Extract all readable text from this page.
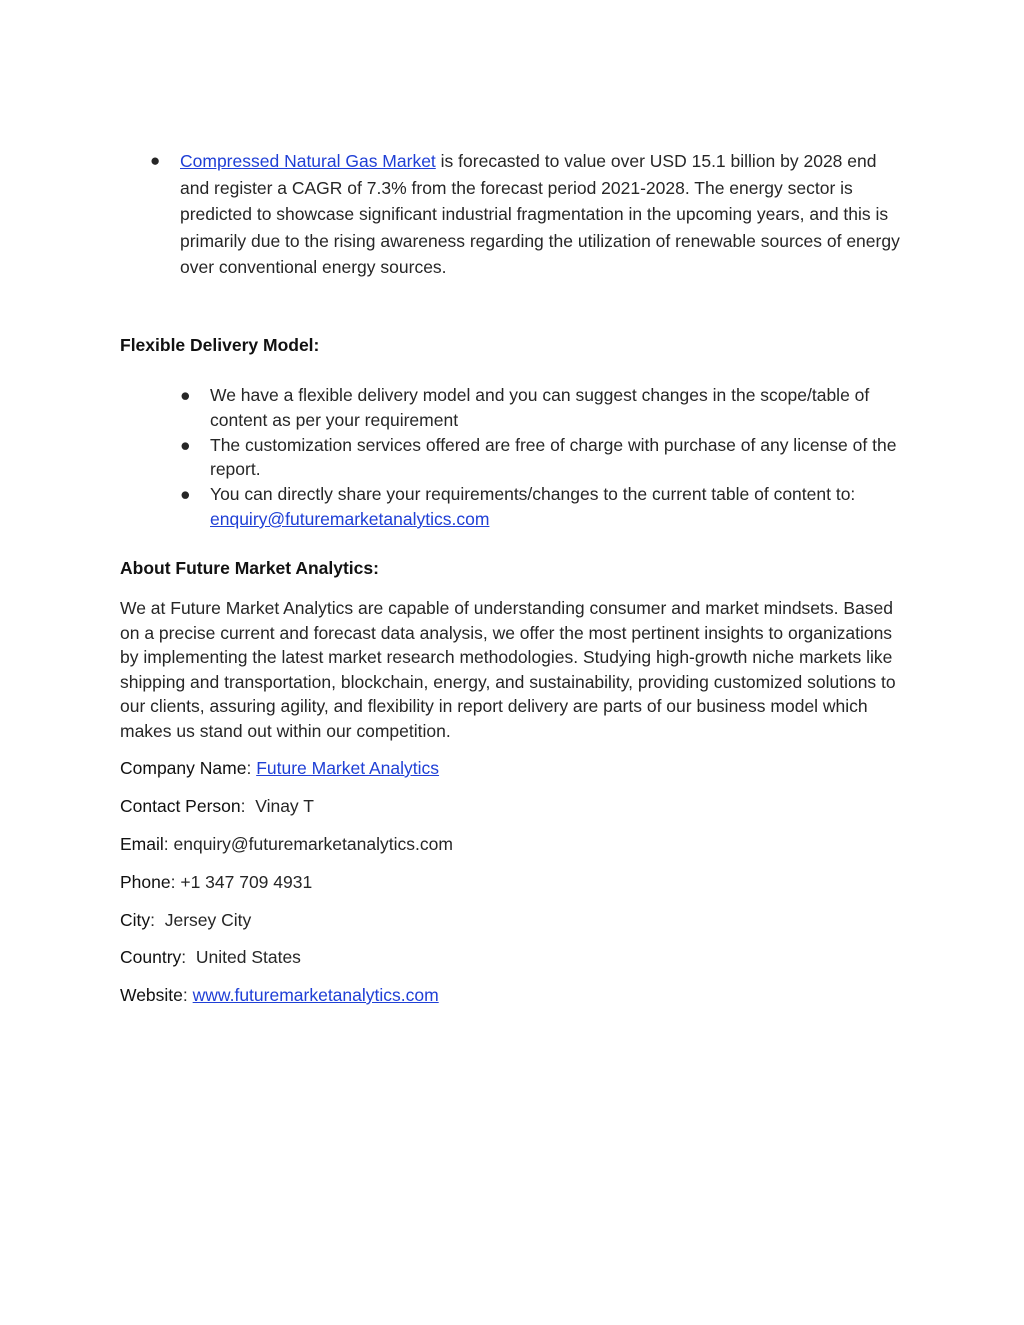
● Compressed Natural Gas Market is forecasted to value over USD 15.1 billion by 2028 end and register a CAGR of 7.3% from the forecast period 2021-2028. The energy sector is predicted to showcase significant industrial fragmentation in the upcoming years, and this is primarily due to the rising awareness regarding the utilization of renewable sources of energy over conventional energy sources.

Flexible Delivery Model:
● We have a flexible delivery model and you can suggest changes in the scope/table of content as per your requirement
● The customization services offered are free of charge with purchase of any license of the report.
● You can directly share your requirements/changes to the current table of content to: enquiry@futuremarketanalytics.com
About Future Market Analytics:

We at Future Market Analytics are capable of understanding consumer and market mindsets. Based on a precise current and forecast data analysis, we offer the most pertinent insights to organizations by implementing the latest market research methodologies. Studying high-growth niche markets like shipping and transportation, blockchain, energy, and sustainability, providing customized solutions to our clients, assuring agility, and flexibility in report delivery are parts of our business model which makes us stand out within our competition.

Company Name: Future Market Analytics

Contact Person:  Vinay T

Email: enquiry@futuremarketanalytics.com

Phone: +1 347 709 4931

City:  Jersey City

Country:  United States

Website: www.futuremarketanalytics.com
